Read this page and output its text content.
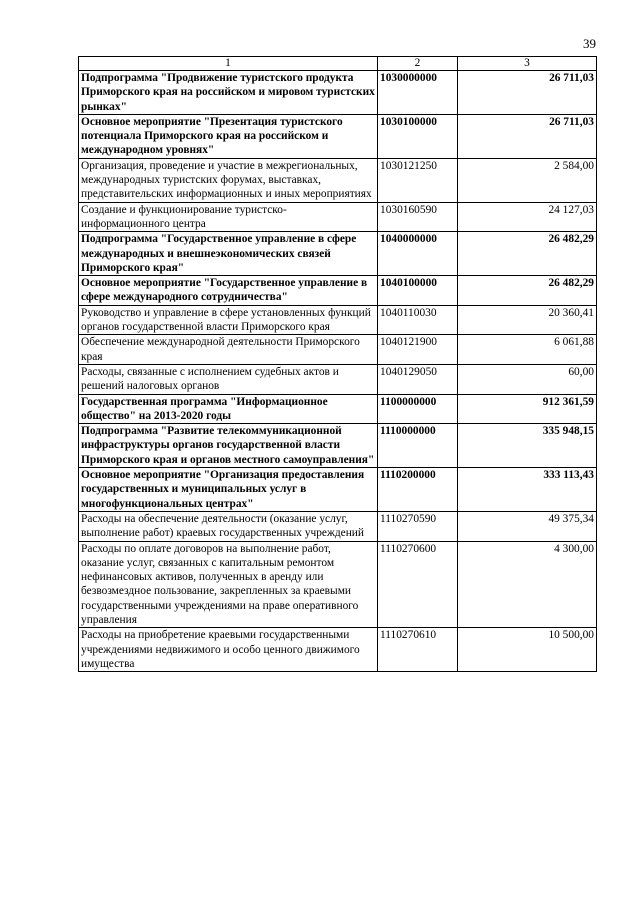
39
1	2	3
Подпрограмма "Продвижение туристского продукта Приморского края на российском и мировом туристских рынках"	1030000000	26 711,03
Основное мероприятие "Презентация туристского потенциала Приморского края на российском и международном уровнях"	1030100000	26 711,03
Организация, проведение и участие в межрегиональных, международных туристских форумах, выставках, представительских информационных и иных мероприятиях	1030121250	2 584,00
Создание и функционирование туристско-информационного центра	1030160590	24 127,03
Подпрограмма "Государственное управление в сфере международных и внешнеэкономических связей Приморского края"	1040000000	26 482,29
Основное мероприятие "Государственное управление в сфере международного сотрудничества"	1040100000	26 482,29
Руководство и управление в сфере установленных функций органов государственной власти Приморского края	1040110030	20 360,41
Обеспечение международной деятельности Приморского края	1040121900	6 061,88
Расходы, связанные с исполнением судебных актов и решений налоговых органов	1040129050	60,00
Государственная программа "Информационное общество" на 2013-2020 годы	1100000000	912 361,59
Подпрограмма "Развитие телекоммуникационной инфраструктуры органов государственной власти Приморского края и органов местного самоуправления"	1110000000	335 948,15
Основное мероприятие "Организация предоставления государственных и муниципальных услуг в многофункциональных центрах"	1110200000	333 113,43
Расходы на обеспечение деятельности (оказание услуг, выполнение работ) краевых государственных учреждений	1110270590	49 375,34
Расходы по оплате договоров на выполнение работ, оказание услуг, связанных с капитальным ремонтом нефинансовых активов, полученных в аренду или безвозмездное пользование, закрепленных за краевыми государственными учреждениями на праве оперативного управления	1110270600	4 300,00
Расходы на приобретение краевыми государственными учреждениями недвижимого и особо ценного движимого имущества	1110270610	10 500,00
